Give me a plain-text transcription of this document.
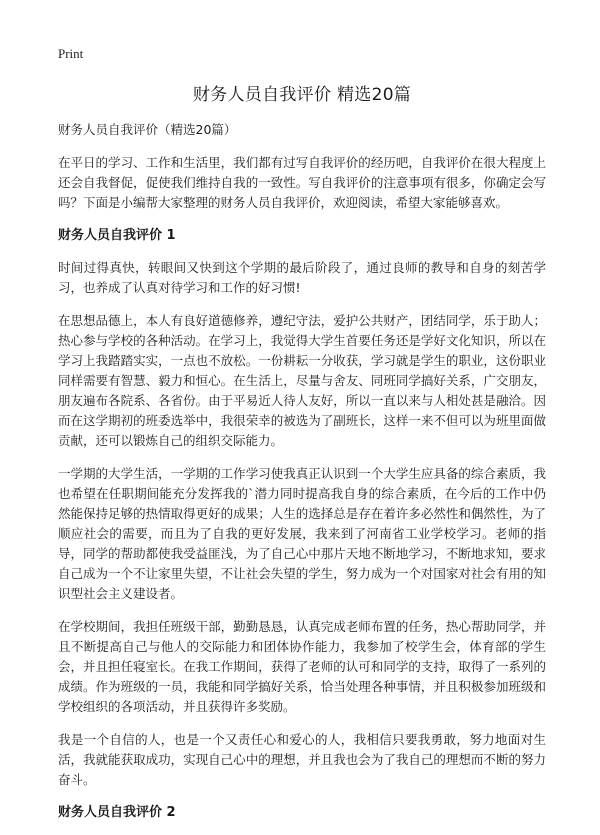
Print
财务人员自我评价 精选20篇
财务人员自我评价（精选20篇）

在平日的学习、工作和生活里，我们都有过写自我评价的经历吧，自我评价在很大程度上还会自我督促，促使我们维持自我的一致性。写自我评价的注意事项有很多，你确定会写吗？下面是小编帮大家整理的财务人员自我评价，欢迎阅读，希望大家能够喜欢。

财务人员自我评价 1

时间过得真快，转眼间又快到这个学期的最后阶段了，通过良师的教导和自身的刻苦学习，也养成了认真对待学习和工作的好习惯!

在思想品德上，本人有良好道德修养，遵纪守法，爱护公共财产，团结同学，乐于助人；热心参与学校的各种活动。在学习上，我觉得大学生首要任务还是学好文化知识，所以在学习上我踏踏实实，一点也不放松。一份耕耘一分收获，学习就是学生的职业，这份职业同样需要有智慧、毅力和恒心。在生活上，尽量与舍友、同班同学搞好关系，广交朋友，朋友遍布各院系、各省份。由于平易近人待人友好，所以一直以来与人相处甚是融洽。因而在这学期初的班委选举中，我很荣幸的被选为了副班长，这样一来不但可以为班里面做贡献，还可以锻炼自己的组织交际能力。

一学期的大学生活，一学期的工作学习使我真正认识到一个大学生应具备的综合素质，我也希望在任职期间能充分发挥我的`潜力同时提高我自身的综合素质，在今后的工作中仍然能保持足够的热情取得更好的成果；人生的选择总是存在着许多必然性和偶然性，为了顺应社会的需要，而且为了自我的更好发展，我来到了河南省工业学校学习。老师的指导，同学的帮助都使我受益匪浅，为了自己心中那片天地不断地学习，不断地求知，要求自己成为一个不让家里失望，不让社会失望的学生，努力成为一个对国家对社会有用的知识型社会主义建设者。

在学校期间，我担任班级干部，勤勤恳恳，认真完成老师布置的任务，热心帮助同学，并且不断提高自己与他人的交际能力和团体协作能力，我参加了校学生会，体育部的学生会，并且担任寝室长。在我工作期间，获得了老师的认可和同学的支持，取得了一系列的成绩。作为班级的一员，我能和同学搞好关系，恰当处理各种事情，并且积极参加班级和学校组织的各项活动，并且获得许多奖励。

我是一个自信的人，也是一个又责任心和爱心的人，我相信只要我勇敢，努力地面对生活，我就能获取成功，实现自己心中的理想，并且我也会为了我自己的理想而不断的努力奋斗。

财务人员自我评价 2
